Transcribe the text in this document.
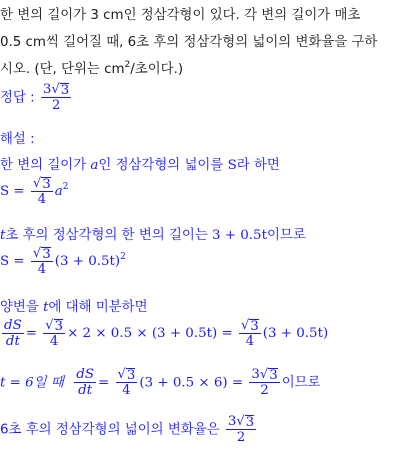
한 변의 길이가 3 cm인 정삼각형이 있다. 각 변의 길이가 매초
0.5 cm씩 길어질 때, 6초 후의 정삼각형의 넓이의 변화율을 구하
시오. (단, 단위는 $cm^2/$초이다.)
정답 : $\frac{3 √ 3}{2}$
해설 :
한 변의 길이가 a인 정삼각형의 넓이를 S라 하면
$S = \frac{√ 3}{4} a^2$
t초 후의 정삼각형의 한 변의 길이는 3 + 0.5t이므로
$S = \frac{√ 3}{4} (3 + 0.5t)^2$
양변을 t에 대해 미분하면
$\frac{dS}{dt} = \frac{√ 3}{4} \times 2 \times 0.5 \times (3 + 0.5t) = \frac{√ 3}{4} (3 + 0.5t)$
t = 6일 때 $\frac{dS}{dt} = \frac{√ 3}{4} (3 + 0.5 \times 6) = \frac{3 √ 3}{2}$ 이므로
6초 후의 정삼각형의 넓이의 변화율은 $\frac{3 √ 3}{2}$
